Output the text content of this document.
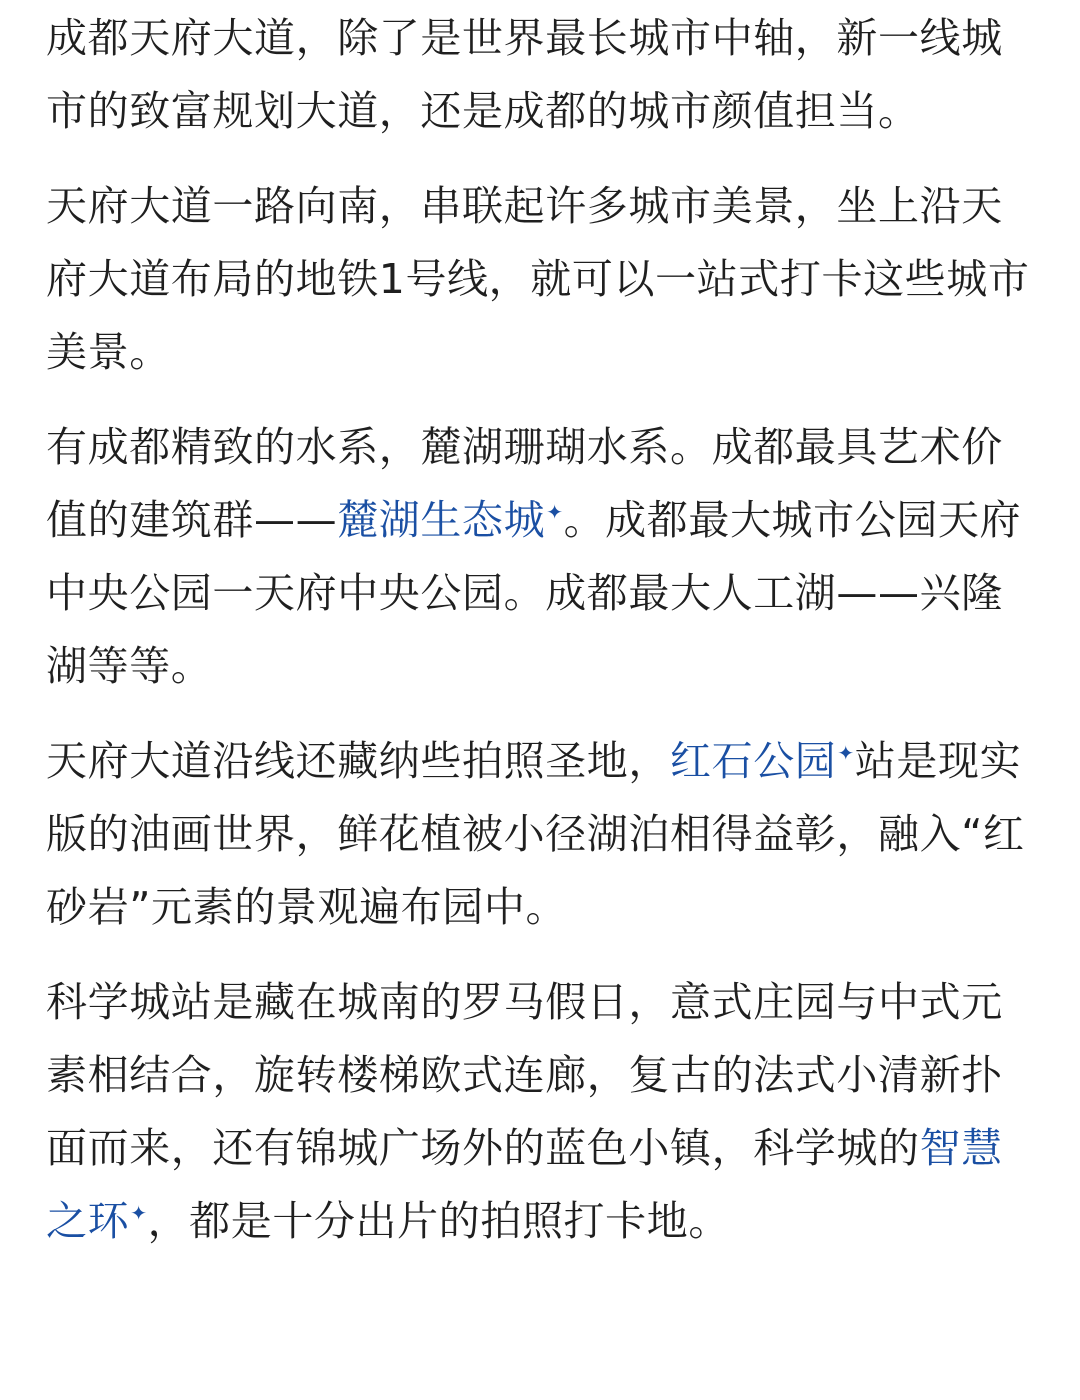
成都天府大道，除了是世界最长城市中轴，新一线城市的致富规划大道，还是成都的城市颜值担当。

天府大道一路向南，串联起许多城市美景，坐上沿天府大道布局的地铁1号线，就可以一站式打卡这些城市美景。

有成都精致的水系，麓湖珊瑚水系。成都最具艺术价值的建筑群——麓湖生态城✦。成都最大城市公园天府中央公园一天府中央公园。成都最大人工湖——兴隆湖等等。

天府大道沿线还藏纳些拍照圣地，红石公园✦站是现实版的油画世界，鲜花植被小径湖泊相得益彰，融入“红砂岩”元素的景观遍布园中。

科学城站是藏在城南的罗马假日，意式庄园与中式元素相结合，旋转楼梯欧式连廊，复古的法式小清新扑面而来，还有锦城广场外的蓝色小镇，科学城的智慧之环✦，都是十分出片的拍照打卡地。
